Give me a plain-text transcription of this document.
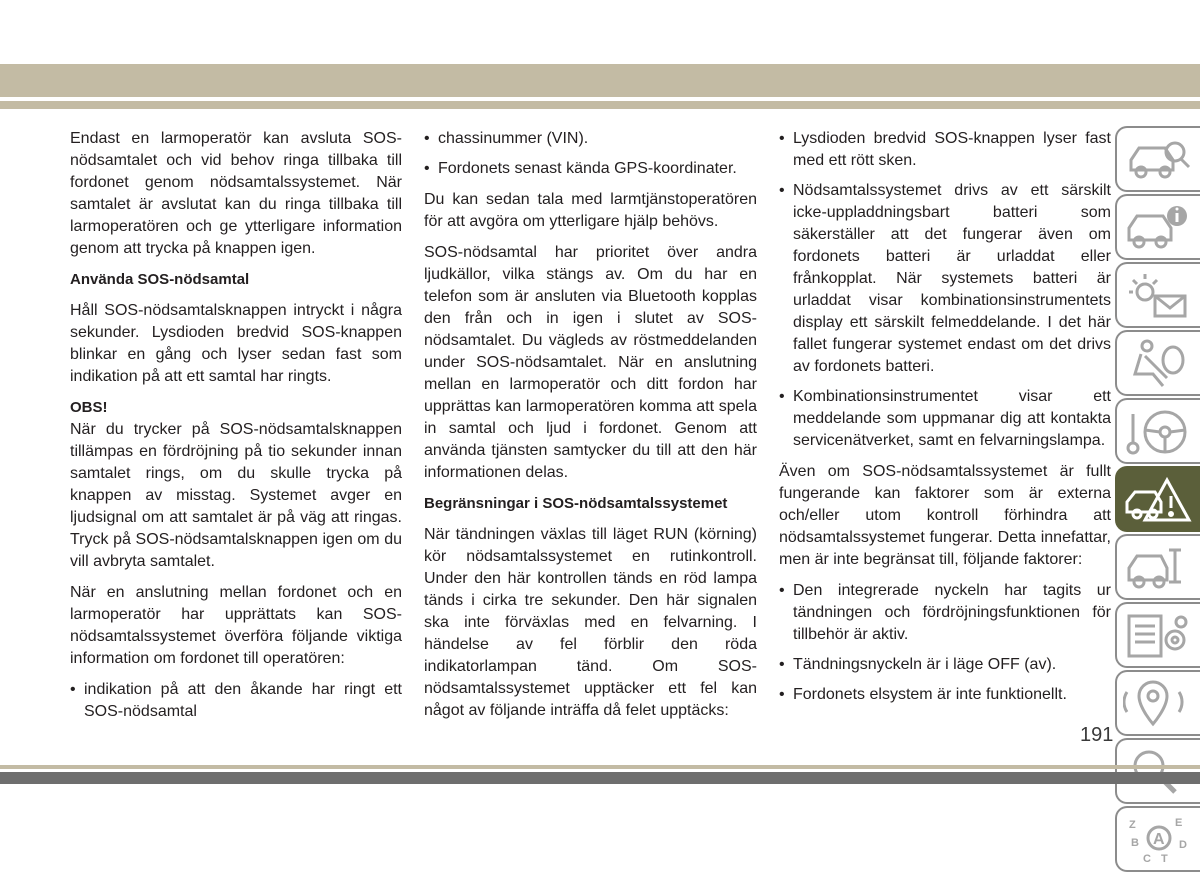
Endast en larmoperatör kan avsluta SOS-nödsamtalet och vid behov ringa tillbaka till fordonet genom nödsamtalssystemet. När samtalet är avslutat kan du ringa tillbaka till larmoperatören och ge ytterligare information genom att trycka på knappen igen.

Använda SOS-nödsamtal

Håll SOS-nödsamtalsknappen intryckt i några sekunder. Lysdioden bredvid SOS-knappen blinkar en gång och lyser sedan fast som indikation på att ett samtal har ringts.

OBS!

När du trycker på SOS-nödsamtalsknappen tillämpas en fördröjning på tio sekunder innan samtalet rings, om du skulle trycka på knappen av misstag. Systemet avger en ljudsignal om att samtalet är på väg att ringas. Tryck på SOS-nödsamtalsknappen igen om du vill avbryta samtalet.

När en anslutning mellan fordonet och en larmoperatör har upprättats kan SOS-nödsamtalssystemet överföra följande viktiga information om fordonet till operatören:

• indikation på att den åkande har ringt ett SOS-nödsamtal
• chassinummer (VIN).
• Fordonets senast kända GPS-koordinater.

Du kan sedan tala med larmtjänstoperatören för att avgöra om ytterligare hjälp behövs.

SOS-nödsamtal har prioritet över andra ljudkällor, vilka stängs av. Om du har en telefon som är ansluten via Bluetooth kopplas den från och in igen i slutet av SOS-nödsamtalet. Du vägleds av röstmeddelanden under SOS-nödsamtalet. När en anslutning mellan en larmoperatör och ditt fordon har upprättas kan larmoperatören komma att spela in samtal och ljud i fordonet. Genom att använda tjänsten samtycker du till att den här informationen delas.

Begränsningar i SOS-nödsamtalssystemet

När tändningen växlas till läget RUN (körning) kör nödsamtalssystemet en rutinkontroll. Under den här kontrollen tänds en röd lampa tänds i cirka tre sekunder. Den här signalen ska inte förväxlas med en felvarning. I händelse av fel förblir den röda indikatorlampan tänd. Om SOS-nödsamtalssystemet upptäcker ett fel kan något av följande inträffa då felet upptäcks:

• Lysdioden bredvid SOS-knappen lyser fast med ett rött sken.
• Nödsamtalssystemet drivs av ett särskilt icke-uppladdningsbart batteri som säkerställer att det fungerar även om fordonets batteri är urladdat eller frånkopplat. När systemets batteri är urladdat visar kombinationsinstrumentets display ett särskilt felmeddelande. I det här fallet fungerar systemet endast om det drivs av fordonets batteri.
• Kombinationsinstrumentet visar ett meddelande som uppmanar dig att kontakta servicenätverket, samt en felvarningslampa.

Även om SOS-nödsamtalssystemet är fullt fungerande kan faktorer som är externa och/eller utom kontroll förhindra att nödsamtalssystemet fungerar. Detta innefattar, men är inte begränsat till, följande faktorer:

• Den integrerade nyckeln har tagits ur tändningen och fördröjningsfunktionen för tillbehör är aktiv.
• Tändningsnyckeln är i läge OFF (av).
• Fordonets elsystem är inte funktionellt.
Z	E
B	D
A
C T
191
